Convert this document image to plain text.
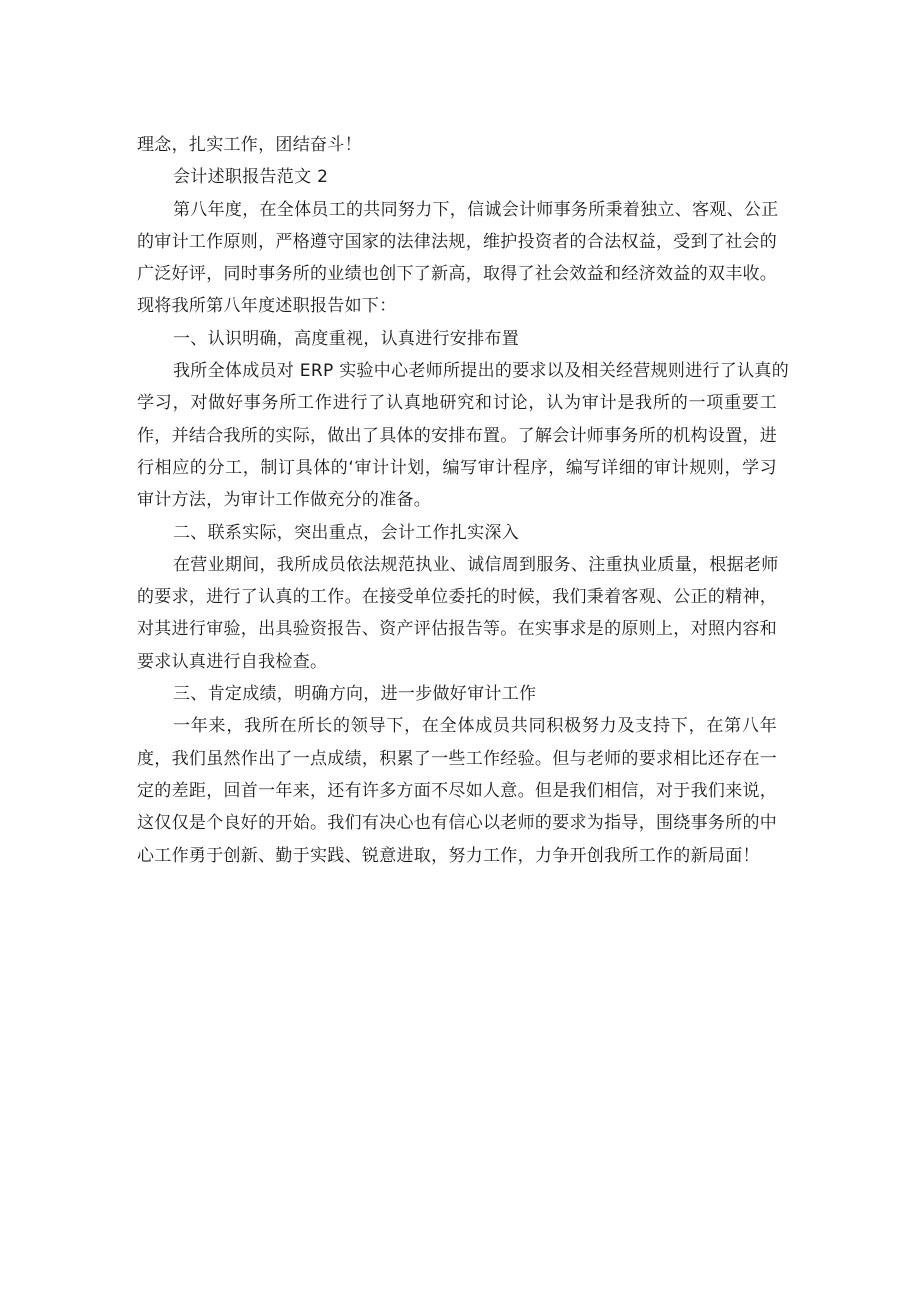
理念，扎实工作，团结奋斗！
会计述职报告范文 2
第八年度，在全体员工的共同努力下，信诚会计师事务所秉着独立、客观、公正
的审计工作原则，严格遵守国家的法律法规，维护投资者的合法权益，受到了社会的
广泛好评，同时事务所的业绩也创下了新高，取得了社会效益和经济效益的双丰收。
现将我所第八年度述职报告如下：
一、认识明确，高度重视，认真进行安排布置
我所全体成员对 ERP 实验中心老师所提出的要求以及相关经营规则进行了认真的
学习，对做好事务所工作进行了认真地研究和讨论，认为审计是我所的一项重要工
作，并结合我所的实际，做出了具体的安排布置。了解会计师事务所的机构设置，进
行相应的分工，制订具体的‘审计计划，编写审计程序，编写详细的审计规则，学习
审计方法，为审计工作做充分的准备。
二、联系实际，突出重点，会计工作扎实深入
在营业期间，我所成员依法规范执业、诚信周到服务、注重执业质量，根据老师
的要求，进行了认真的工作。在接受单位委托的时候，我们秉着客观、公正的精神，
对其进行审验，出具验资报告、资产评估报告等。在实事求是的原则上，对照内容和
要求认真进行自我检查。
三、肯定成绩，明确方向，进一步做好审计工作
一年来，我所在所长的领导下，在全体成员共同积极努力及支持下，在第八年
度，我们虽然作出了一点成绩，积累了一些工作经验。但与老师的要求相比还存在一
定的差距，回首一年来，还有许多方面不尽如人意。但是我们相信，对于我们来说，
这仅仅是个良好的开始。我们有决心也有信心以老师的要求为指导，围绕事务所的中
心工作勇于创新、勤于实践、锐意进取，努力工作，力争开创我所工作的新局面！
